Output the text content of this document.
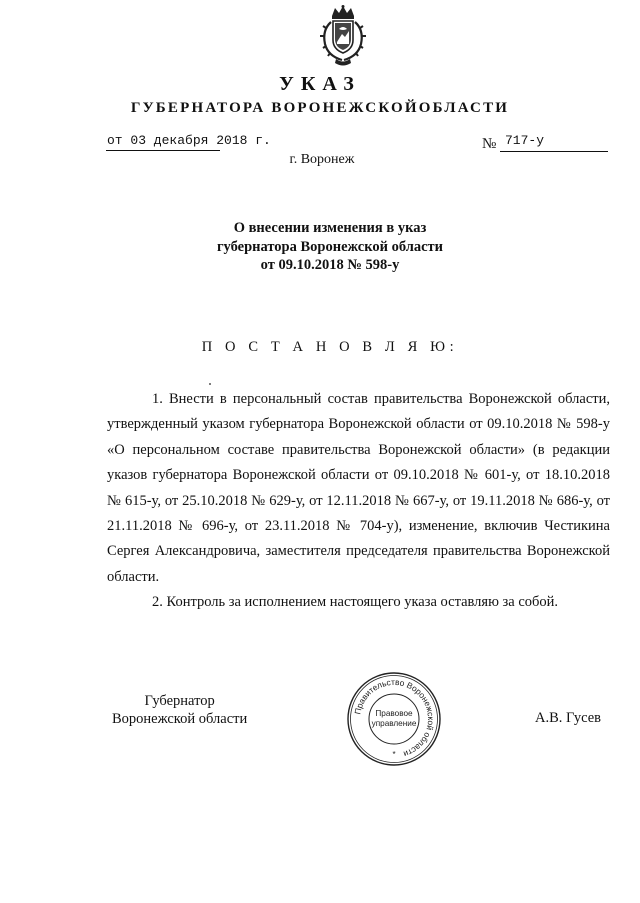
УКАЗ
ГУБЕРНАТОРА ВОРОНЕЖСКОЙОБЛАСТИ
от 03 декабря 2018 г.	№ 717-у
г. Воронеж
О внесении изменения в указ
губернатора Воронежской области
от 09.10.2018 № 598-у
П О С Т А Н О В Л Я Ю:

1. Внести в персональный состав правительства Воронежской области, утвержденный указом губернатора Воронежской области от 09.10.2018 № 598-у «О персональном составе правительства Воронежской области» (в редакции указов губернатора Воронежской области от 09.10.2018 № 601-у, от 18.10.2018 № 615-у, от 25.10.2018 № 629-у, от 12.11.2018 № 667-у, от 19.11.2018 № 686-у, от 21.11.2018 № 696-у, от 23.11.2018 № 704-у), изменение, включив Честикина Сергея Александровича, заместителя председателя правительства Воронежской области.

2. Контроль за исполнением настоящего указа оставляю за собой.

Губернатор
Воронежской области	Правительство Воронежской области
Правовое
управление
*
А.В. Гусев
